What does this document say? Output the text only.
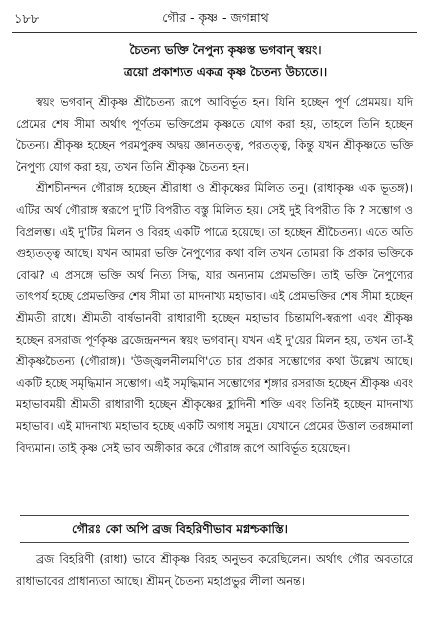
১৮৮	গৌর - কৃষ্ণ - জগন্নাথ
চৈতন্য ভক্তি নৈপুন্য কৃষ্ণস্ত ভগবান্ স্বয়ং।
ত্রয়ো প্রকাশ্যত একত্র কৃষ্ণ চৈতন্য উচ্যতে।।

স্বয়ং ভগবান্ শ্রীকৃষ্ণ শ্রীচৈতন্য রূপে আবির্ভূত হন। যিনি হচ্ছেন পূর্ণ প্রেমময়। যদি প্রেমের শেষ সীমা অর্থাৎ পূর্ণতম ভক্তিপ্রেম কৃষ্ণতে যোগ করা হয়, তাহলে তিনি হচ্ছেন চৈতন্য। শ্রীকৃষ্ণ হচ্ছেন পরমপুরুষ অদ্বয় জ্ঞানতত্ত্ব, পরতত্ত্ব, কিন্তু যখন শ্রীকৃষ্ণতে ভক্তি নৈপুণ্য যোগ করা হয়, তখন তিনি শ্রীকৃষ্ণ চৈতন্য হন।

শ্রীশচীনন্দন গৌরাঙ্গ হচ্ছেন শ্রীরাধা ও শ্রীকৃষ্ণের মিলিত তনু। (রাধাকৃষ্ণ এক ভূতঙ্গ)। এটির অর্থ গৌরাঙ্গ স্বরূপে দু'টি বিপরীত বস্তু মিলিত হয়। সেই দুই বিপরীত কি ? সম্ভোগ ও বিপ্রলম্ভ। এই দু'টির মিলন ও বিরহ একটি পাত্রে হয়েছে। তা হচ্ছেন শ্রীচৈতন্য। এতে অতি গুহ্যতত্ত্ব আছে। যখন আমরা ভক্তি নৈপুণ্যের কথা বলি তখন তোমরা কি প্রকার ভক্তিকে বোঝ? এ প্রসঙ্গে ভক্তি অর্থ নিত্য সিদ্ধ, যার অন্যনাম প্রেমভক্তি। তাই ভক্তি নৈপুণ্যের তাৎপর্য হচ্ছে প্রেমভক্তির শেষ সীমা তা মাদনাখ্য মহাভাব। এই প্রেমভক্তির শেষ সীমা হচ্ছেন শ্রীমতী রাধে। শ্রীমতী বার্ষভানবী রাধারাণী হচ্ছেন মহাভাব চিন্তামণি-স্বরূপা এবং শ্রীকৃষ্ণ হচ্ছেন রসরাজ পূর্ণকৃষ্ণ ব্রজেন্দ্রনন্দন স্বয়ং ভগবান্। যখন এই দু'য়ের মিলন হয়, তখন তা-ই শ্রীকৃষ্ণচৈতন্য (গৌরাঙ্গ)। 'উজ্জ্বলনীলমণি'তে চার প্রকার সম্ভোগের কথা উল্লেখ আছে। একটি হচ্ছে সমৃদ্ধিমান সম্ভোগ। এই সমৃদ্ধিমান সম্ভোগের শৃঙ্গার রসরাজ হচ্ছেন শ্রীকৃষ্ণ এবং মহাভাবময়ী শ্রীমতী রাধারাণী হচ্ছেন শ্রীকৃষ্ণের হ্লাদিনী শক্তি এবং তিনিই হচ্ছেন মাদনাখ্য মহাভাব। এই মাদনাখ্য মহাভাব হচ্ছে একটি অগাধ সমুদ্র। যেখানে প্রেমের উত্তাল তরঙ্গমালা বিদ্যমান। তাই কৃষ্ণ সেই ভাব অঙ্গীকার করে গৌরাঙ্গ রূপে আবির্ভূত হয়েছেন।

গৌরঃ কো অপি ব্রজ বিহরিণীভাব মগ্নশ্চকাস্তি।

ব্রজ বিহরিণী (রাধা) ভাবে শ্রীকৃষ্ণ বিরহ অনুভব করেছিলেন। অর্থাৎ গৌর অবতারে রাধাভাবের প্রাধান্যতা আছে। শ্রীমন্ চৈতন্য মহাপ্রভুর লীলা অনন্ত।
